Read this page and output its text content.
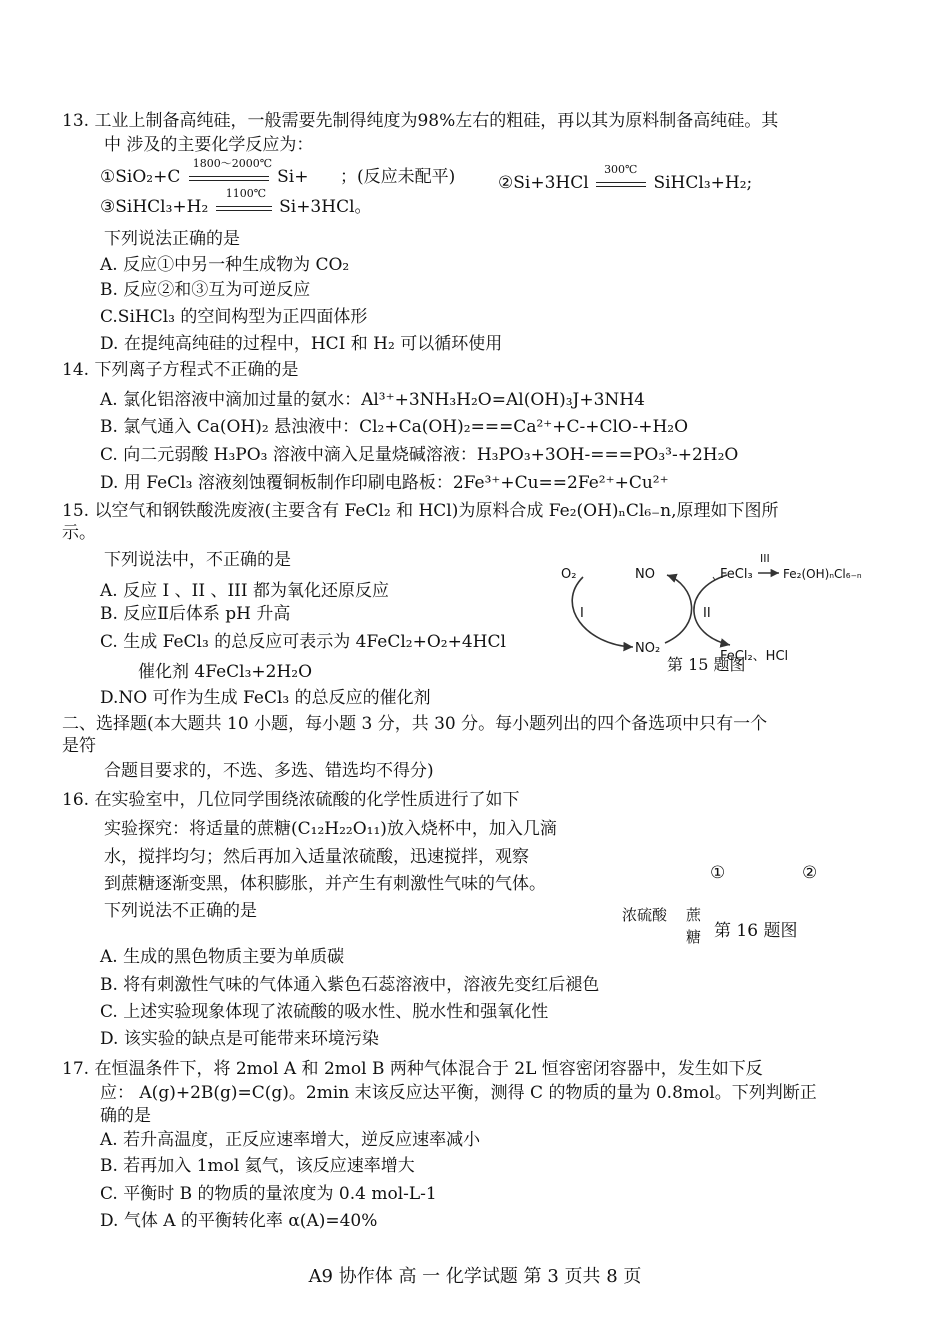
13. 工业上制备高纯硅，一般需要先制得纯度为98%左右的粗硅，再以其为原料制备高纯硅。其
中 涉及的主要化学反应为：
①SiO₂+C
1800～2000℃
Si+ ；(反应未配平)	②Si+3HCl
300℃
SiHCl₃+H₂;
③SiHCl₃+H₂
1100℃
Si+3HCl。
下列说法正确的是
A. 反应①中另一种生成物为 CO₂
B. 反应②和③互为可逆反应
C.SiHCl₃ 的空间构型为正四面体形
D. 在提纯高纯硅的过程中，HCI 和 H₂ 可以循环使用
14. 下列离子方程式不正确的是
A. 氯化铝溶液中滴加过量的氨水：Al³⁺+3NH₃H₂O=Al(OH)₃J+3NH4
B. 氯气通入 Ca(OH)₂ 悬浊液中：Cl₂+Ca(OH)₂===Ca²⁺+C-+ClO-+H₂O
C. 向二元弱酸 H₃PO₃ 溶液中滴入足量烧碱溶液：H₃PO₃+3OH-===PO₃³-+2H₂O
D. 用 FeCl₃ 溶液刻蚀覆铜板制作印刷电路板：2Fe³⁺+Cu==2Fe²⁺+Cu²⁺
15. 以空气和钢铁酸洗废液(主要含有 FeCl₂ 和 HCl)为原料合成 Fe₂(OH)ₙCl₆₋n,原理如下图所
示。
下列说法中，不正确的是
A. 反应 I 、II 、III 都为氧化还原反应
B. 反应Ⅱ后体系 pH 升高
C. 生成 FeCl₃ 的总反应可表示为 4FeCl₂+O₂+4HCl
催化剂 4FeCl₃+2H₂O
D.NO 可作为生成 FeCl₃ 的总反应的催化剂
O₂	NO
NO₂
I	II
FeCl₃
III
Fe₂(OH)ₙCl₆₋ₙ
FeCl₂、HCl
第 15 题图
二、选择题(本大题共 10 小题，每小题 3 分，共 30 分。每小题列出的四个备选项中只有一个
是符
合题目要求的，不选、多选、错选均不得分)
16. 在实验室中，几位同学围绕浓硫酸的化学性质进行了如下
实验探究：将适量的蔗糖(C₁₂H₂₂O₁₁)放入烧杯中，加入几滴
水，搅拌均匀；然后再加入适量浓硫酸，迅速搅拌，观察
到蔗糖逐渐变黑，体积膨胀，并产生有刺激性气味的气体。
下列说法不正确的是
①	②
浓硫酸 蔗
糖 第 16 题图
A. 生成的黑色物质主要为单质碳
B. 将有刺激性气味的气体通入紫色石蕊溶液中，溶液先变红后褪色
C. 上述实验现象体现了浓硫酸的吸水性、脱水性和强氧化性
D. 该实验的缺点是可能带来环境污染
17. 在恒温条件下，将 2mol A 和 2mol B 两种气体混合于 2L 恒容密闭容器中，发生如下反
应： A(g)+2B(g)=C(g)。2min 末该反应达平衡，测得 C 的物质的量为 0.8mol。下列判断正
确的是
A. 若升高温度，正反应速率增大，逆反应速率减小
B. 若再加入 1mol 氦气，该反应速率增大
C. 平衡时 B 的物质的量浓度为 0.4 mol-L-1
D. 气体 A 的平衡转化率 α(A)=40%
A9 协作体 高 一 化学试题 第 3 页共 8 页
